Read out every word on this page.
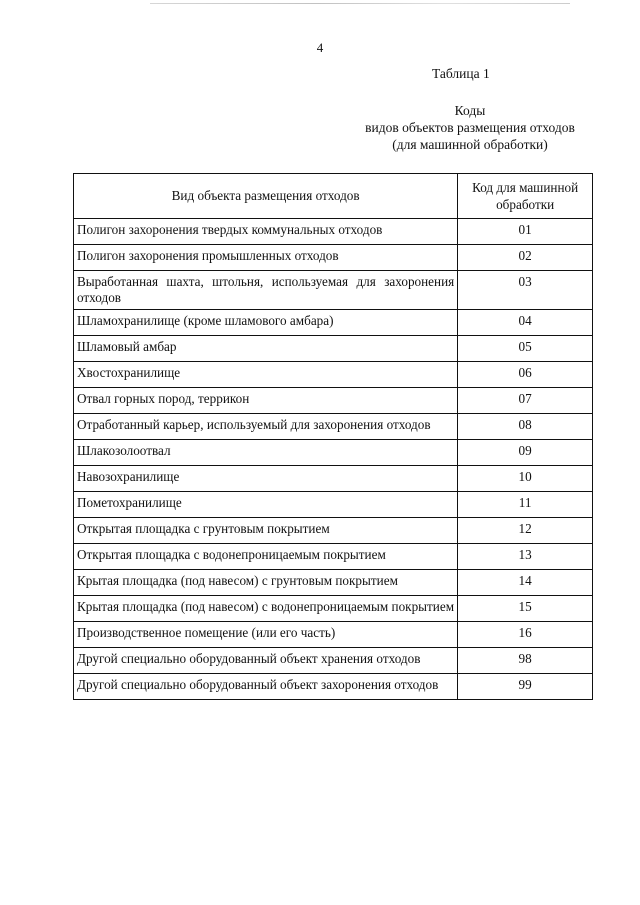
4
Таблица 1
Коды
видов объектов размещения отходов
(для машинной обработки)
Вид объекта размещения отходов	Код для машинной
обработки
Полигон захоронения твердых коммунальных отходов	01
Полигон захоронения промышленных отходов	02
Выработанная шахта, штольня, используемая для захоронения отходов	03
Шламохранилище (кроме шламового амбара)	04
Шламовый амбар	05
Хвостохранилище	06
Отвал горных пород, террикон	07
Отработанный карьер, используемый для захоронения отходов	08
Шлакозолоотвал	09
Навозохранилище	10
Пометохранилище	11
Открытая площадка с грунтовым покрытием	12
Открытая площадка с водонепроницаемым покрытием	13
Крытая площадка (под навесом) с грунтовым покрытием	14
Крытая площадка (под навесом) с водонепроницаемым покрытием	15
Производственное помещение (или его часть)	16
Другой специально оборудованный объект хранения отходов	98
Другой специально оборудованный объект захоронения отходов	99
